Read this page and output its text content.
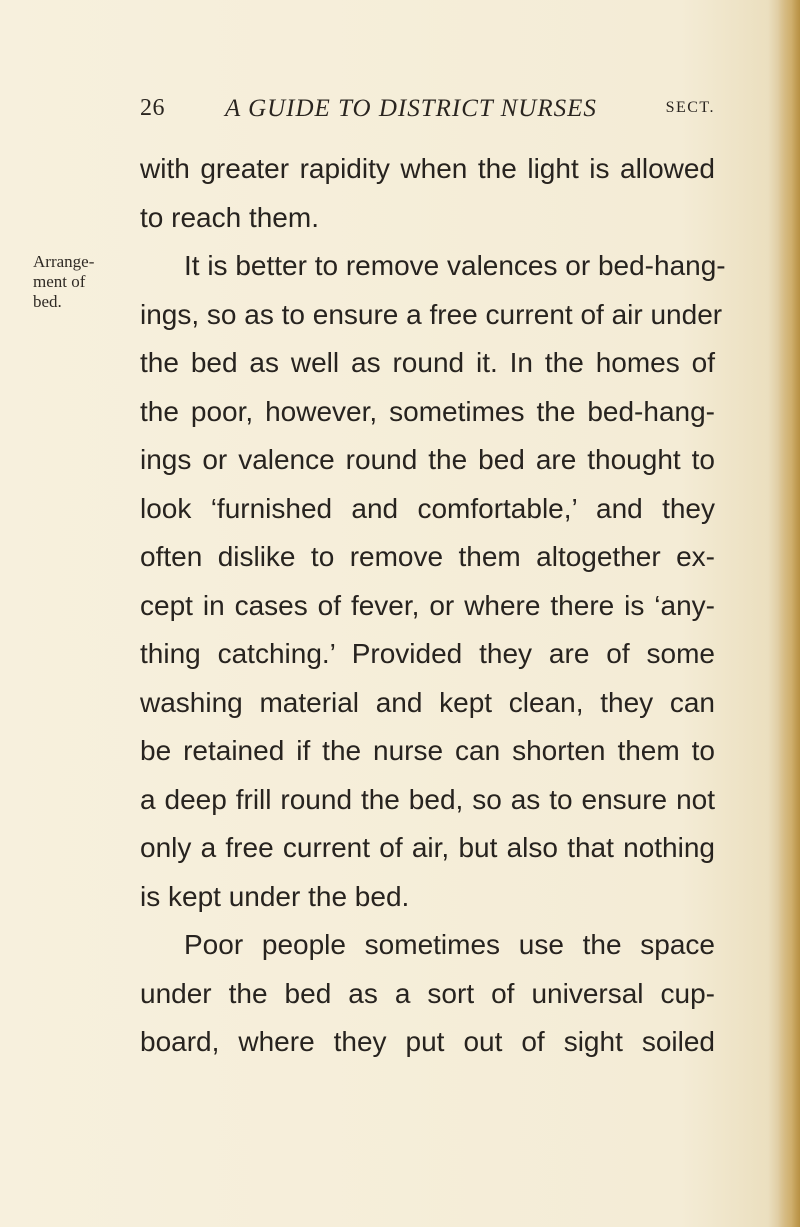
26 A GUIDE TO DISTRICT NURSES	SECT.
Arrange-
ment of
bed.
with greater rapidity when the light is allowed
to reach them.
It is better to remove valences or bed-hang-
ings, so as to ensure a free current of air under
the bed as well as round it. In the homes of
the poor, however, sometimes the bed-hang-
ings or valence round the bed are thought to
look ‘furnished and comfortable,’ and they
often dislike to remove them altogether ex-
cept in cases of fever, or where there is ‘any-
thing catching.’ Provided they are of some
washing material and kept clean, they can
be retained if the nurse can shorten them to
a deep frill round the bed, so as to ensure not
only a free current of air, but also that nothing
is kept under the bed.
Poor people sometimes use the space
under the bed as a sort of universal cup-
board, where they put out of sight soiled
